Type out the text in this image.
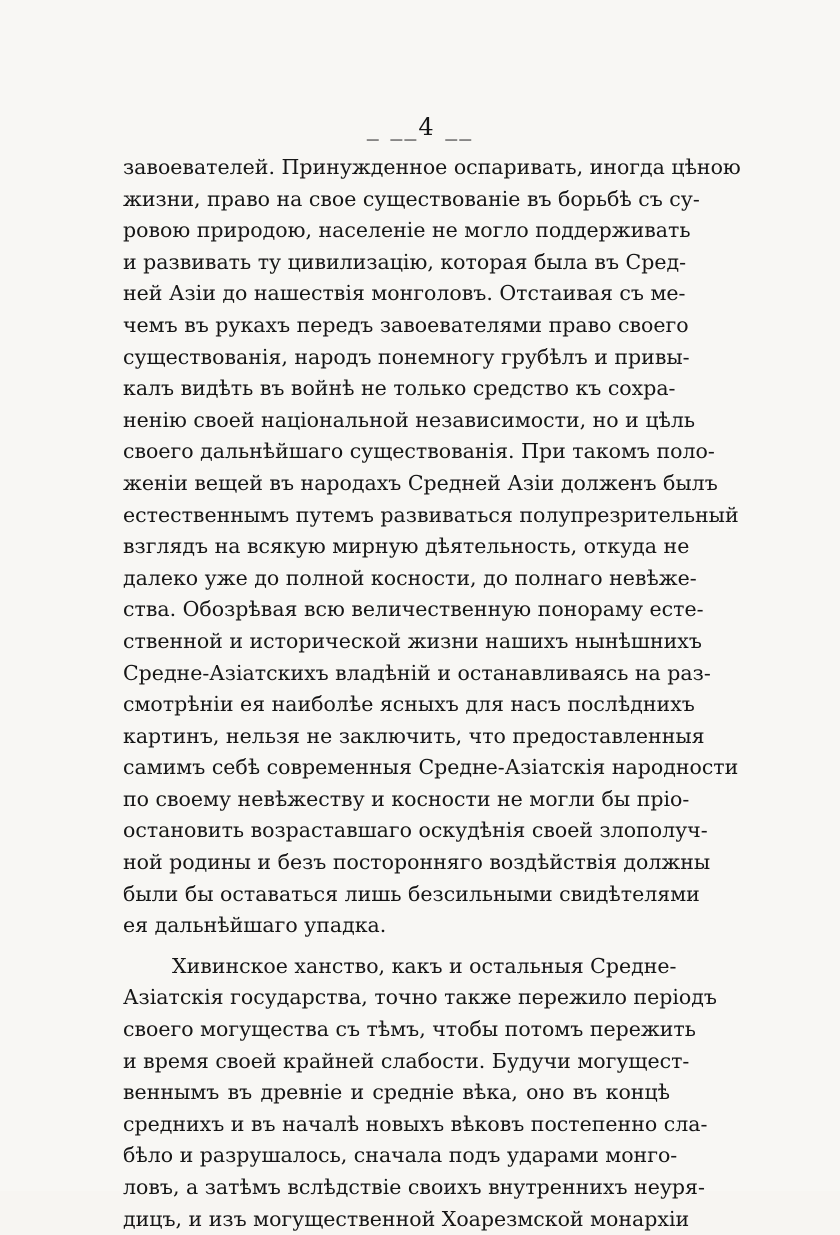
_ __4 __
завоевателей. Принужденное оспаривать, иногда цѣною
жизни, право на свое существованіе въ борьбѣ съ су-
ровою природою, населеніе не могло поддерживать
и развивать ту цивилизацію, которая была въ Сред-
ней Азіи до нашествія монголовъ. Отстаивая съ ме-
чемъ въ рукахъ передъ завоевателями право своего
существованія, народъ понемногу грубѣлъ и привы-
калъ видѣть въ войнѣ не только средство къ сохра-
ненію своей національной независимости, но и цѣль
своего дальнѣйшаго существованія. При такомъ поло-
женіи вещей въ народахъ Средней Азіи долженъ былъ
естественнымъ путемъ развиваться полупрезрительный
взглядъ на всякую мирную дѣятельность, откуда не
далеко уже до полной косности, до полнаго невѣже-
ства. Обозрѣвая всю величественную понораму есте-
ственной и исторической жизни нашихъ нынѣшнихъ
Средне-Азіатскихъ владѣній и останавливаясь на раз-
смотрѣніи ея наиболѣе ясныхъ для насъ послѣднихъ
картинъ, нельзя не заключить, что предоставленныя
самимъ себѣ современныя Средне-Азіатскія народности
по своему невѣжеству и косности не могли бы пріо-
остановить возраставшаго оскудѣнія своей злополуч-
ной родины и безъ посторонняго воздѣйствія должны
были бы оставаться лишь безсильными свидѣтелями
ея дальнѣйшаго упадка.
Хивинское ханство, какъ и остальныя Средне-
Азіатскія государства, точно также пережило періодъ
своего могущества съ тѣмъ, чтобы потомъ пережить
и время своей крайней слабости. Будучи могущест-
веннымъ въ древніе и средніе вѣка, оно въ концѣ
среднихъ и въ началѣ новыхъ вѣковъ постепенно сла-
бѣло и разрушалось, сначала подъ ударами монго-
ловъ, а затѣмъ вслѣдствіе своихъ внутреннихъ неуря-
дицъ, и изъ могущественной Хоарезмской монархіи
